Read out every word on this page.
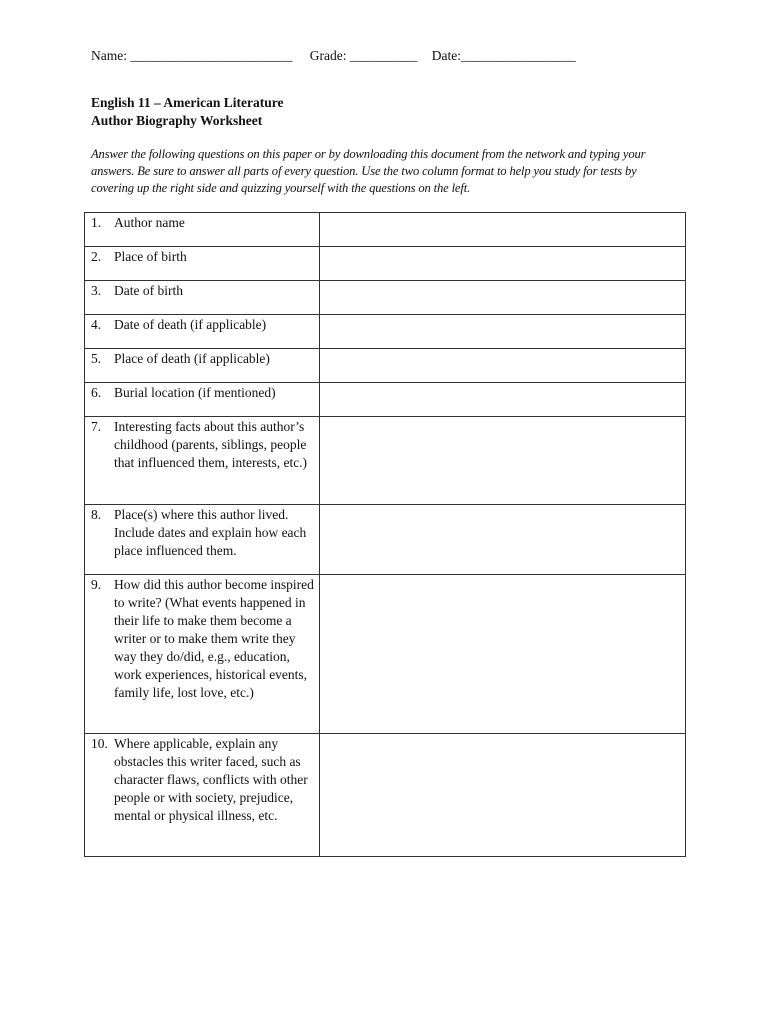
Name: ________________________ Grade: __________ Date:_________________
English 11 – American Literature
Author Biography Worksheet
Answer the following questions on this paper or by downloading this document from the network and typing your answers. Be sure to answer all parts of every question. Use the two column format to help you study for tests by covering up the right side and quizzing yourself with the questions on the left.
1. Author name	

2. Place of birth	

3. Date of birth	

4. Date of death (if applicable)	

5. Place of death (if applicable)	

6. Burial location (if mentioned)	

7. Interesting facts about this author’s childhood (parents, siblings, people that influenced them, interests, etc.)	

8. Place(s) where this author lived. Include dates and explain how each place influenced them.	

9. How did this author become inspired to write? (What events happened in their life to make them become a writer or to make them write they way they do/did, e.g., education, work experiences, historical events, family life, lost love, etc.)	

10. Where applicable, explain any obstacles this writer faced, such as character flaws, conflicts with other people or with society, prejudice, mental or physical illness, etc.	
